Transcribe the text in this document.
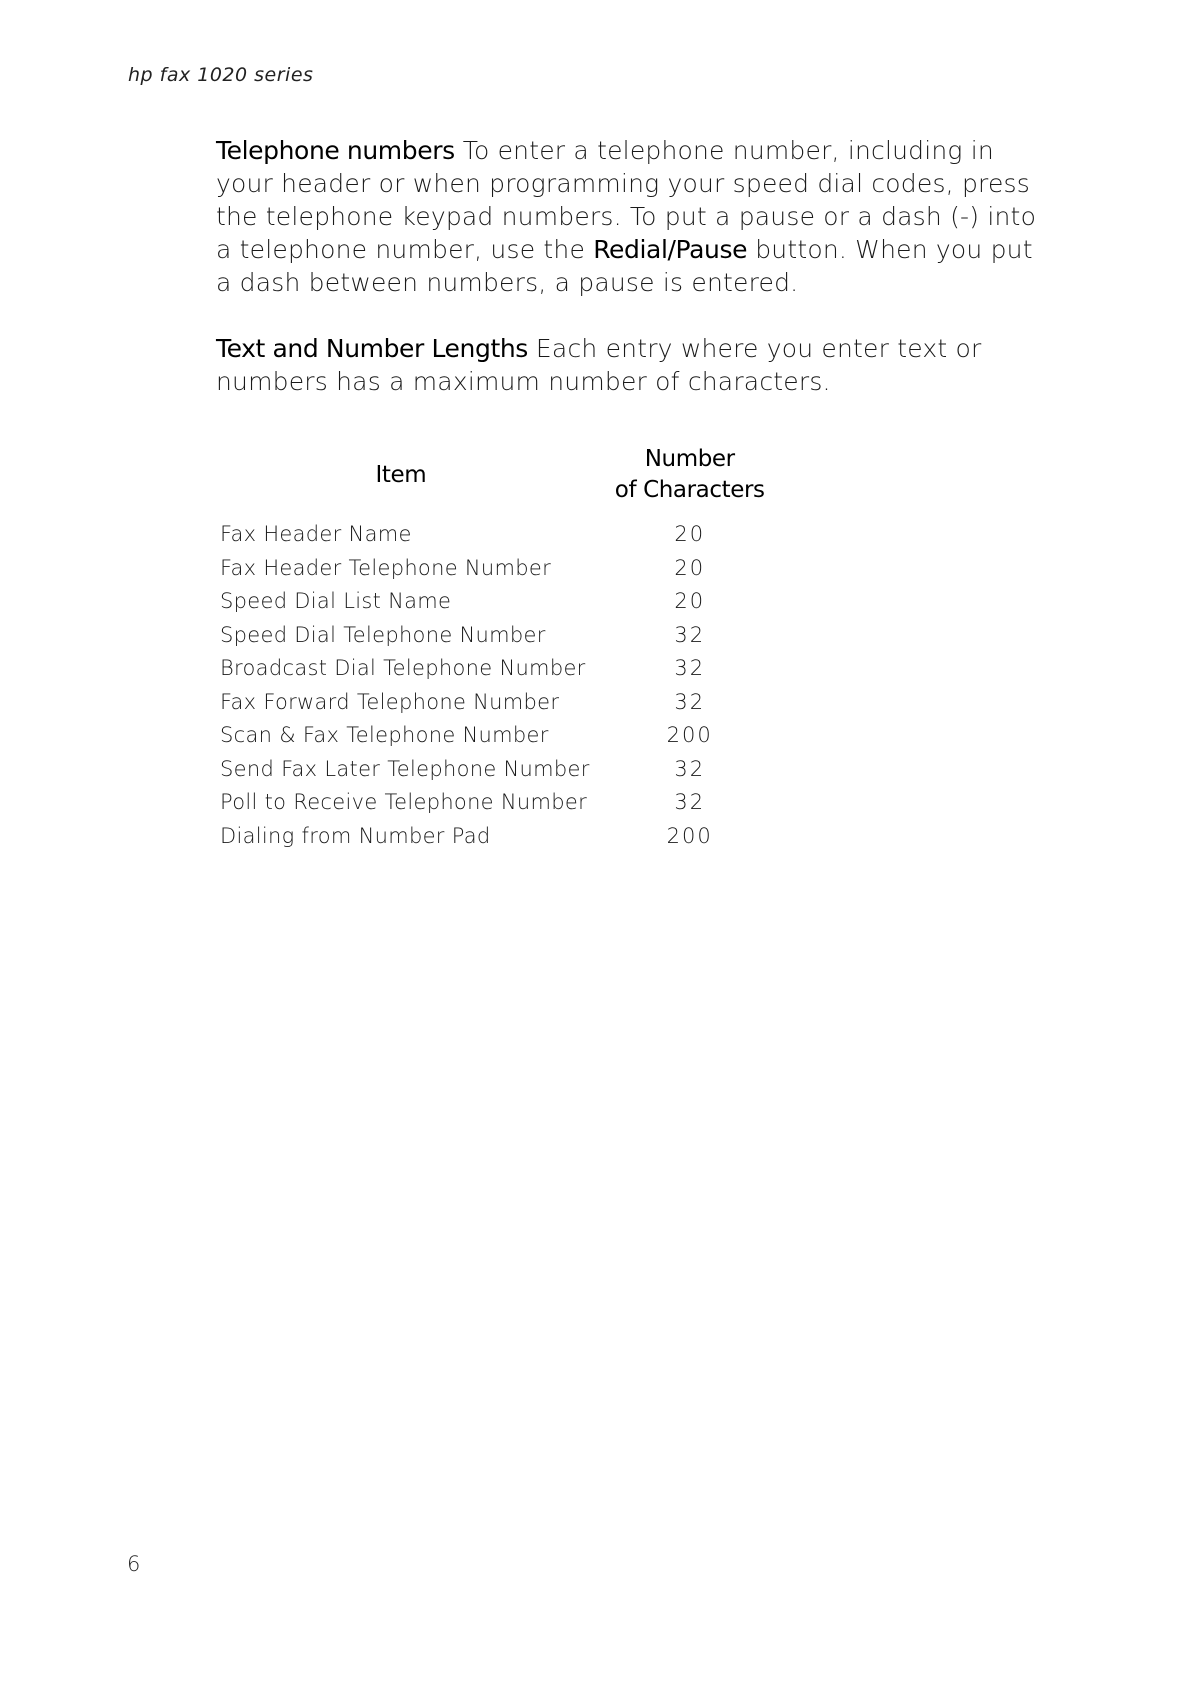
hp fax 1020 series

Telephone numbers To enter a telephone number, including in your header or when programming your speed dial codes, press the telephone keypad numbers. To put a pause or a dash (-) into a telephone number, use the Redial/Pause button. When you put a dash between numbers, a pause is entered.

Text and Number Lengths Each entry where you enter text or numbers has a maximum number of characters.

Item	Number
of Characters

Fax Header Name	20
Fax Header Telephone Number	20
Speed Dial List Name	20
Speed Dial Telephone Number	32
Broadcast Dial Telephone Number	32
Fax Forward Telephone Number	32
Scan & Fax Telephone Number	200
Send Fax Later Telephone Number	32
Poll to Receive Telephone Number	32
Dialing from Number Pad	200
6
